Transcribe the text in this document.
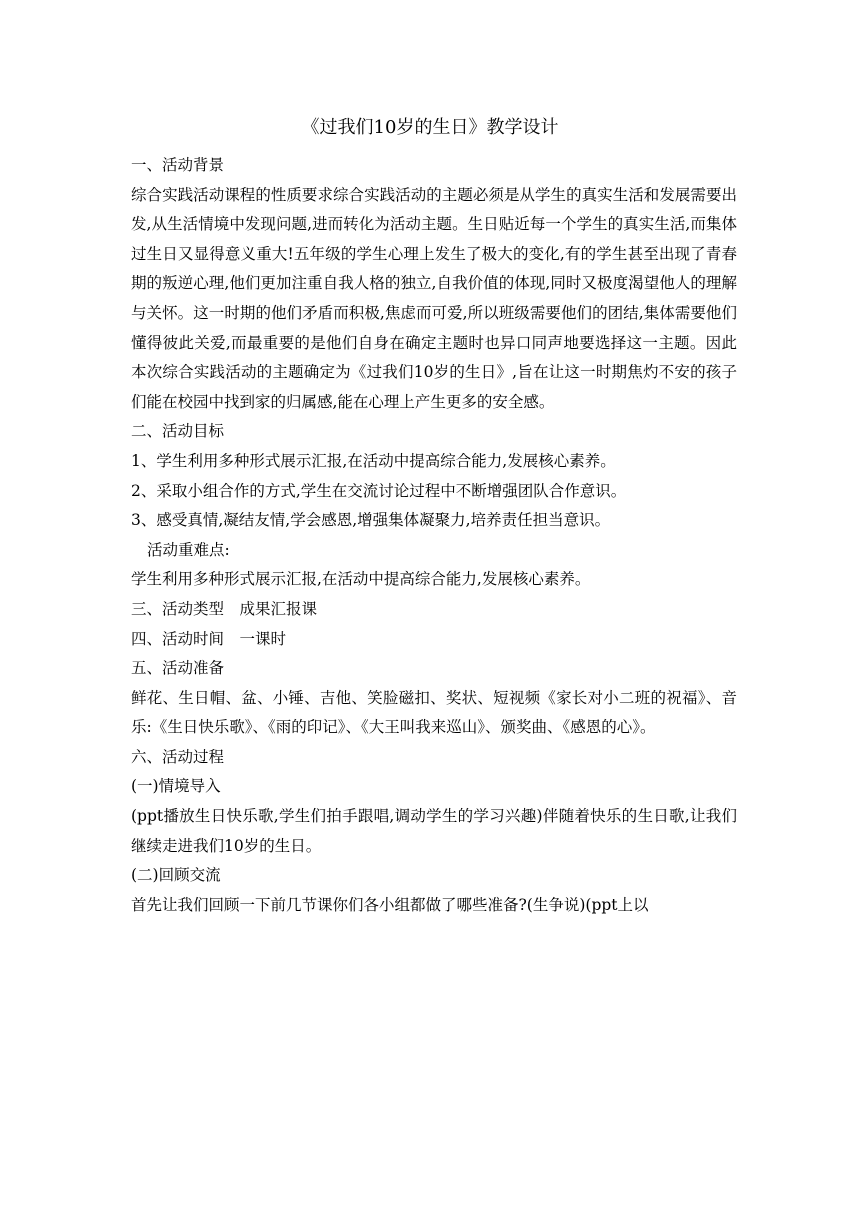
《过我们10岁的生日》教学设计
一、活动背景
综合实践活动课程的性质要求综合实践活动的主题必须是从学生的真实生活和发展需要出发,从生活情境中发现问题,进而转化为活动主题。生日贴近每一个学生的真实生活,而集体过生日又显得意义重大!五年级的学生心理上发生了极大的变化,有的学生甚至出现了青春期的叛逆心理,他们更加注重自我人格的独立,自我价值的体现,同时又极度渴望他人的理解与关怀。这一时期的他们矛盾而积极,焦虑而可爱,所以班级需要他们的团结,集体需要他们懂得彼此关爱,而最重要的是他们自身在确定主题时也异口同声地要选择这一主题。因此本次综合实践活动的主题确定为《过我们10岁的生日》,旨在让这一时期焦灼不安的孩子们能在校园中找到家的归属感,能在心理上产生更多的安全感。
二、活动目标
1、学生利用多种形式展示汇报,在活动中提高综合能力,发展核心素养。
2、采取小组合作的方式,学生在交流讨论过程中不断增强团队合作意识。
3、感受真情,凝结友情,学会感恩,增强集体凝聚力,培养责任担当意识。
活动重难点:
学生利用多种形式展示汇报,在活动中提高综合能力,发展核心素养。
三、活动类型　成果汇报课
四、活动时间　一课时
五、活动准备
鲜花、生日帽、盆、小锤、吉他、笑脸磁扣、奖状、短视频《家长对小二班的祝福》、音乐:《生日快乐歌》、《雨的印记》、《大王叫我来巡山》、颁奖曲、《感恩的心》。
六、活动过程
(一)情境导入
(ppt播放生日快乐歌,学生们拍手跟唱,调动学生的学习兴趣)伴随着快乐的生日歌,让我们继续走进我们10岁的生日。
(二)回顾交流
首先让我们回顾一下前几节课你们各小组都做了哪些准备?(生争说)(ppt上以
